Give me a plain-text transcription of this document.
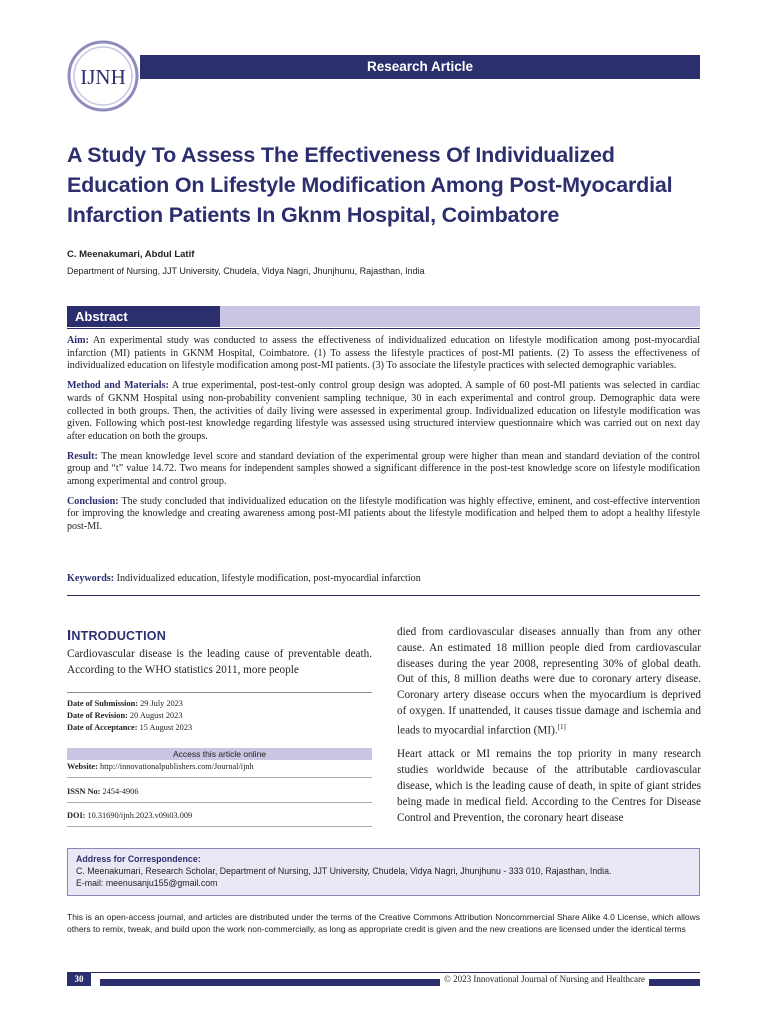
IJNH	Research Article
A Study To Assess The Effectiveness Of Individualized Education On Lifestyle Modification Among Post-Myocardial Infarction Patients In Gknm Hospital, Coimbatore
C. Meenakumari, Abdul Latif
Department of Nursing, JJT University, Chudela, Vidya Nagri, Jhunjhunu, Rajasthan, India
Abstract

Aim: An experimental study was conducted to assess the effectiveness of individualized education on lifestyle modification among post-myocardial infarction (MI) patients in GKNM Hospital, Coimbatore. (1) To assess the lifestyle practices of post-MI patients. (2) To assess the effectiveness of individualized education on lifestyle modification among post-MI patients. (3) To associate the lifestyle practices with selected demographic variables.

Method and Materials: A true experimental, post-test-only control group design was adopted. A sample of 60 post-MI patients was selected in cardiac wards of GKNM Hospital using non-probability convenient sampling technique, 30 in each experimental and control group. Demographic data were collected in both groups. Then, the activities of daily living were assessed in experimental group. Individualized education on lifestyle modification was given. Following which post-test knowledge regarding lifestyle was assessed using structured interview questionnaire which was carried out on next day after education on both the groups.

Result: The mean knowledge level score and standard deviation of the experimental group were higher than mean and standard deviation of the control group and “t” value 14.72. Two means for independent samples showed a significant difference in the post-test knowledge score on lifestyle modification among experimental and control group.

Conclusion: The study concluded that individualized education on the lifestyle modification was highly effective, eminent, and cost-effective intervention for improving the knowledge and creating awareness among post-MI patients about the lifestyle modification and helped them to adopt a healthy lifestyle post-MI.

Keywords: Individualized education, lifestyle modification, post-myocardial infarction
INTRODUCTION

Cardiovascular disease is the leading cause of preventable death. According to the WHO statistics 2011, more people

Date of Submission: 29 July 2023
Date of Revision: 20 August 2023
Date of Acceptance: 15 August 2023
Access this article online
Website: http://innovationalpublishers.com/Journal/ijnh
ISSN No: 2454-4906
DOI: 10.31690/ijnh.2023.v09i03.009

died from cardiovascular diseases annually than from any other cause. An estimated 18 million people died from cardiovascular diseases during the year 2008, representing 30% of global death. Out of this, 8 million deaths were due to coronary artery disease. Coronary artery disease occurs when the myocardium is deprived of oxygen. If unattended, it causes tissue damage and ischemia and leads to myocardial infarction (MI).[1]

Heart attack or MI remains the top priority in many research studies worldwide because of the attributable cardiovascular disease, which is the leading cause of death, in spite of giant strides being made in medical field. According to the Centres for Disease Control and Prevention, the coronary heart disease

Address for Correspondence:
C. Meenakumari, Research Scholar, Department of Nursing, JJT University, Chudela, Vidya Nagri, Jhunjhunu - 333 010, Rajasthan, India.
E-mail: meenusanju155@gmail.com
This is an open-access journal, and articles are distributed under the terms of the Creative Commons Attribution Noncommercial Share Alike 4.0 License, which allows others to remix, tweak, and build upon the work non-commercially, as long as appropriate credit is given and the new creations are licensed under the identical terms
30	© 2023 Innovational Journal of Nursing and Healthcare
